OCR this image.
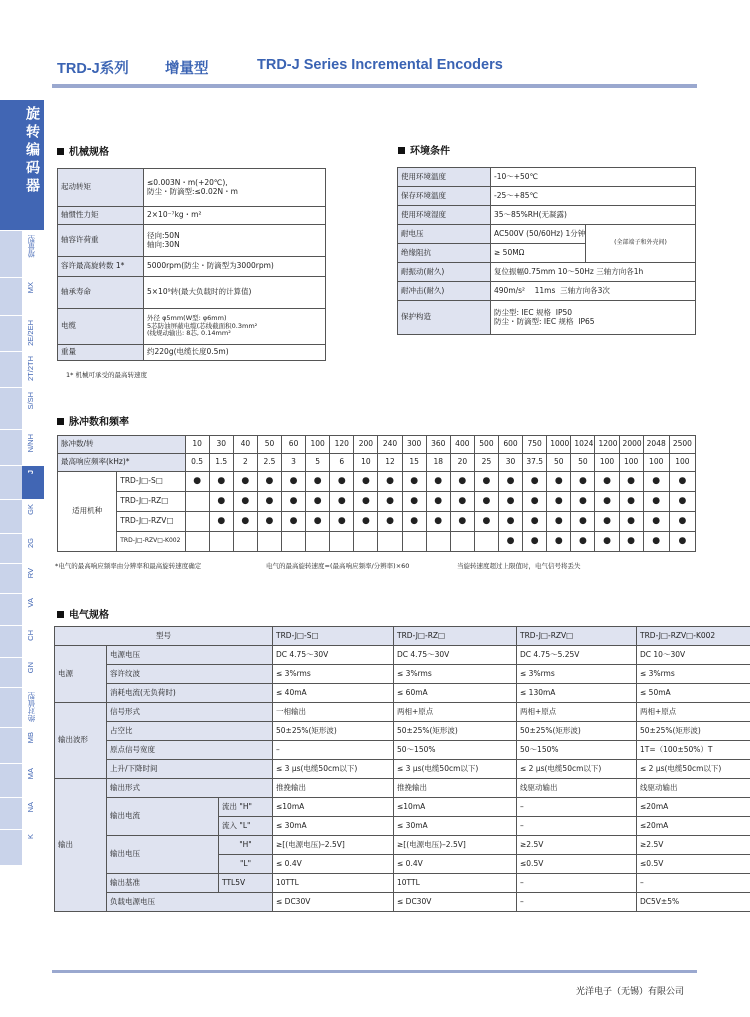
TRD-J系列	增量型	TRD-J Series Incremental Encoders
旋转编码器
增量型
MX
2E/2EH
2T/2TH
S/SH
N/NH
J
GK
2G
RV
VA
CH
GN
绝对值型
MB
MA
NA
K
机械规格
起动转矩	≤0.003N・m(+20℃),
防尘・防滴型:≤0.02N・m
轴惯性力矩	2×10⁻⁷kg・m²
轴容许荷重	径向:50N
轴向:30N
容许最高旋转数 1*	5000rpm(防尘・防滴型为3000rpm)
轴承寿命	5×10⁹转(最大负载时的计算值)
电缆	外径 φ5mm(W型: φ6mm)
5芯防油屏蔽电缆(芯线截面积0.3mm²
(线规动输出: 8芯, 0.14mm²
重量	约220g(电缆长度0.5m)
1* 机械可承受的最高转速度
环境条件
使用环境温度	-10～+50℃	
保存环境温度	-25～+85℃	
使用环境湿度	35～85%RH(无凝露)	
耐电压	AC500V (50/60Hz) 1分钟	(全部端子和外壳间)
绝缘阻抗	≥ 50MΩ	
耐振动(耐久)	复位振幅0.75mm 10～50Hz 三轴方向各1h	
耐冲击(耐久)	490m/s²    11ms  三轴方向各3次	
保护构造	防尘型: IEC 规格  IP50
防尘・防滴型: IEC 规格  IP65	
脉冲数和频率
脉冲数/转		10	30	40	50	60	100	120	200	240	300	360	400	500	600	750	1000	1024	1200	2000	2048	2500
最高响应频率(kHz)*		0.5	1.5	2	2.5	3	5	6	10	12	15	18	20	25	30	37.5	50	50	100	100	100	100
适用机种	TRD-J□-S□	●	●	●	●	●	●	●	●	●	●	●	●	●	●	●	●	●	●	●	●	●
	TRD-J□-RZ□		●	●	●	●	●	●	●	●	●	●	●	●	●	●	●	●	●	●	●	●
	TRD-J□-RZV□		●	●	●	●	●	●	●	●	●	●	●	●	●	●	●	●	●	●	●	●
	TRD-J□-RZV□-K002														●	●	●	●	●	●	●	●
*电气的最高响应频率由分辨率和最高旋转速度确定	电气的最高旋转速度=(最高响应频率/分辨率)×60	当旋转速度超过上限值时，电气信号将丢失
电气规格
型号			TRD-J□-S□	TRD-J□-RZ□	TRD-J□-RZV□	TRD-J□-RZV□-K002
电源	电源电压		DC 4.75～30V	DC 4.75～30V	DC 4.75～5.25V	DC 10～30V
	容许纹波		≤ 3%rms	≤ 3%rms	≤ 3%rms	≤ 3%rms
	消耗电流(无负荷时)		≤ 40mA	≤ 60mA	≤ 130mA	≤ 50mA
输出波形	信号形式		一相输出	两相+原点	两相+原点	两相+原点
	占空比		50±25%(矩形波)	50±25%(矩形波)	50±25%(矩形波)	50±25%(矩形波)
	原点信号宽度		–	50～150%	50～150%	1T=（100±50%）T
	上升/下降时间		≤ 3 μs(电缆50cm以下)	≤ 3 μs(电缆50cm以下)	≤ 2 μs(电缆50cm以下)	≤ 2 μs(电缆50cm以下)
输出	输出形式		推挽输出	推挽输出	线驱动输出	线驱动输出
	输出电流	流出 "H"	≤10mA	≤10mA	–	≤20mA
		流入 "L"	≤ 30mA	≤ 30mA	–	≤20mA
	输出电压	"H"	≥[(电源电压)–2.5V]	≥[(电源电压)–2.5V]	≥2.5V	≥2.5V
		"L"	≤ 0.4V	≤ 0.4V	≤0.5V	≤0.5V
	输出基准	TTL5V	10TTL	10TTL	–	–
	负载电源电压		≤ DC30V	≤ DC30V	–	DC5V±5%
光洋电子（无锡）有限公司
